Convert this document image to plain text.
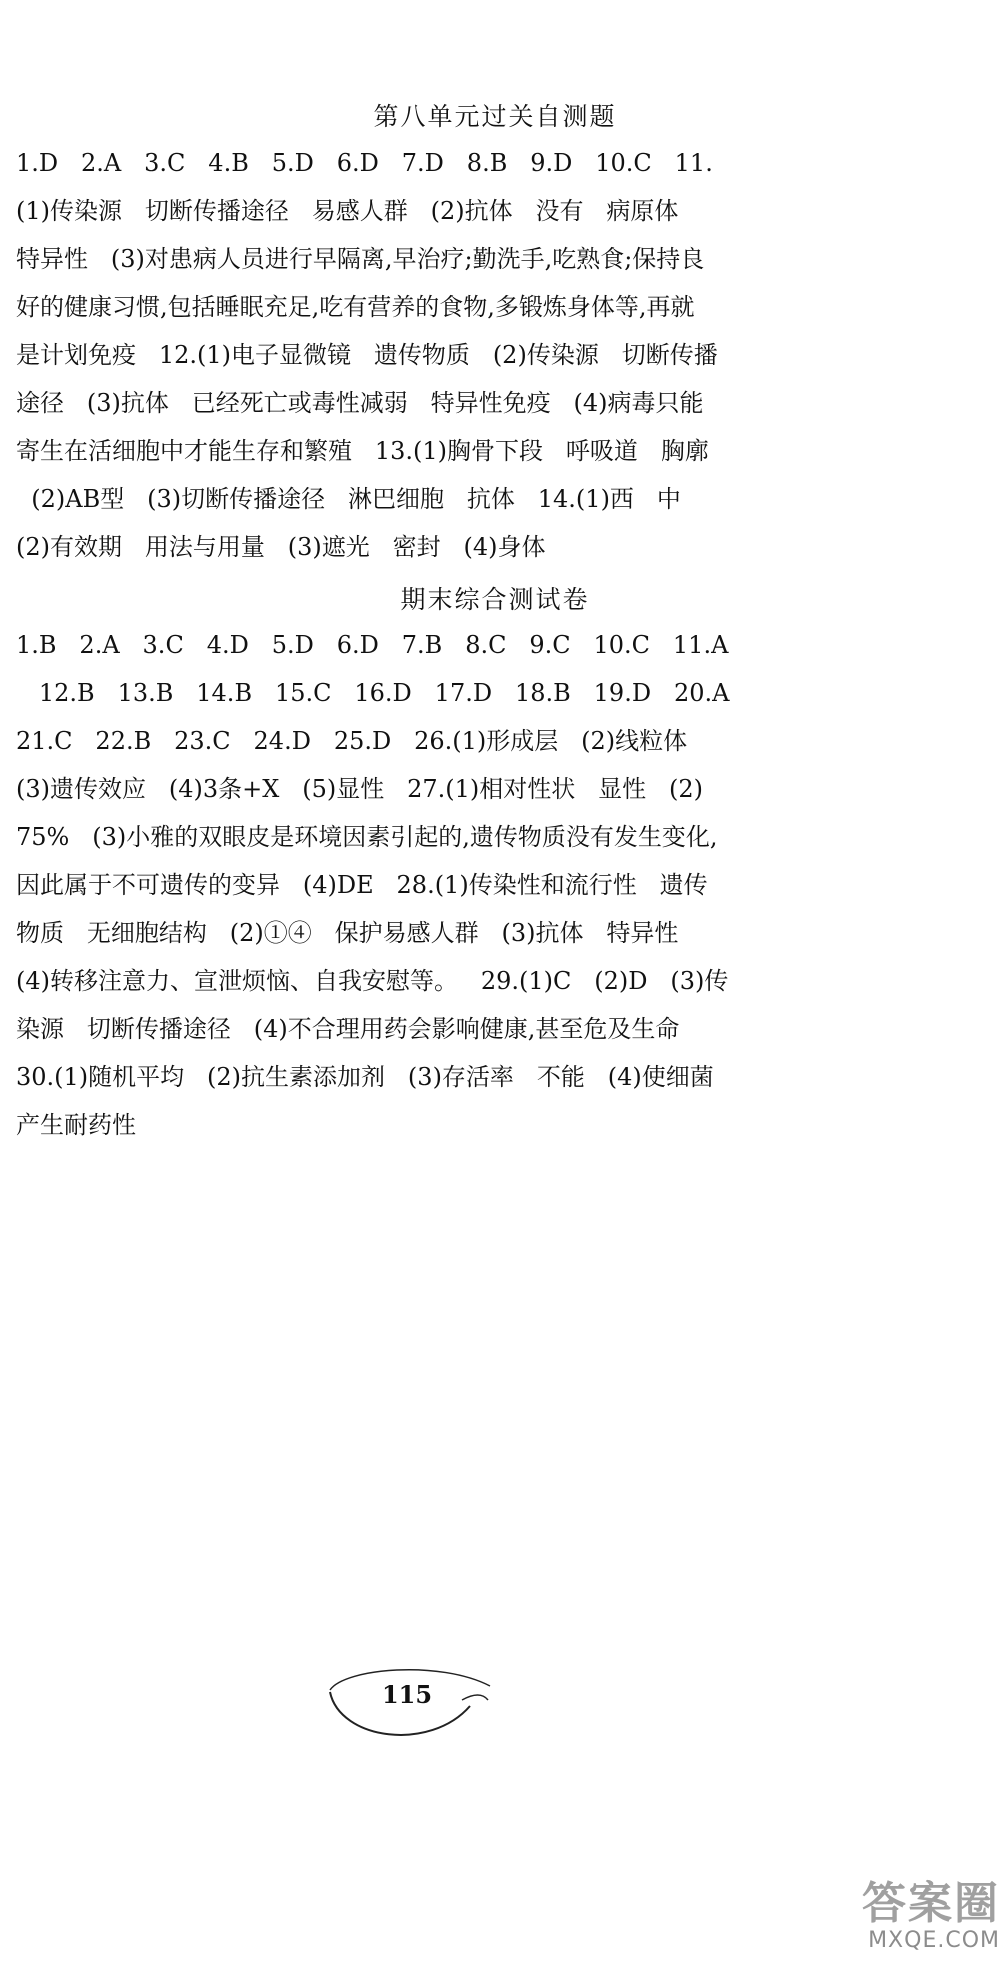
第八单元过关自测题
1.D   2.A   3.C   4.B   5.D   6.D   7.D   8.B   9.D   10.C   11.
(1)传染源   切断传播途径   易感人群   (2)抗体   没有   病原体
特异性   (3)对患病人员进行早隔离,早治疗;勤洗手,吃熟食;保持良
好的健康习惯,包括睡眠充足,吃有营养的食物,多锻炼身体等,再就
是计划免疫   12.(1)电子显微镜   遗传物质   (2)传染源   切断传播
途径   (3)抗体   已经死亡或毒性减弱   特异性免疫   (4)病毒只能
寄生在活细胞中才能生存和繁殖   13.(1)胸骨下段   呼吸道   胸廓
(2)AB型   (3)切断传播途径   淋巴细胞   抗体   14.(1)西   中
(2)有效期   用法与用量   (3)遮光   密封   (4)身体
期末综合测试卷
1.B   2.A   3.C   4.D   5.D   6.D   7.B   8.C   9.C   10.C   11.A
12.B   13.B   14.B   15.C   16.D   17.D   18.B   19.D   20.A
21.C   22.B   23.C   24.D   25.D   26.(1)形成层   (2)线粒体
(3)遗传效应   (4)3条+X   (5)显性   27.(1)相对性状   显性   (2)
75%   (3)小雅的双眼皮是环境因素引起的,遗传物质没有发生变化,
因此属于不可遗传的变异   (4)DE   28.(1)传染性和流行性   遗传
物质   无细胞结构   (2)①④   保护易感人群   (3)抗体   特异性
(4)转移注意力、宣泄烦恼、自我安慰等。   29.(1)C   (2)D   (3)传
染源   切断传播途径   (4)不合理用药会影响健康,甚至危及生命
30.(1)随机平均   (2)抗生素添加剂   (3)存活率   不能   (4)使细菌
产生耐药性
115
答案圈
MXQE.COM
